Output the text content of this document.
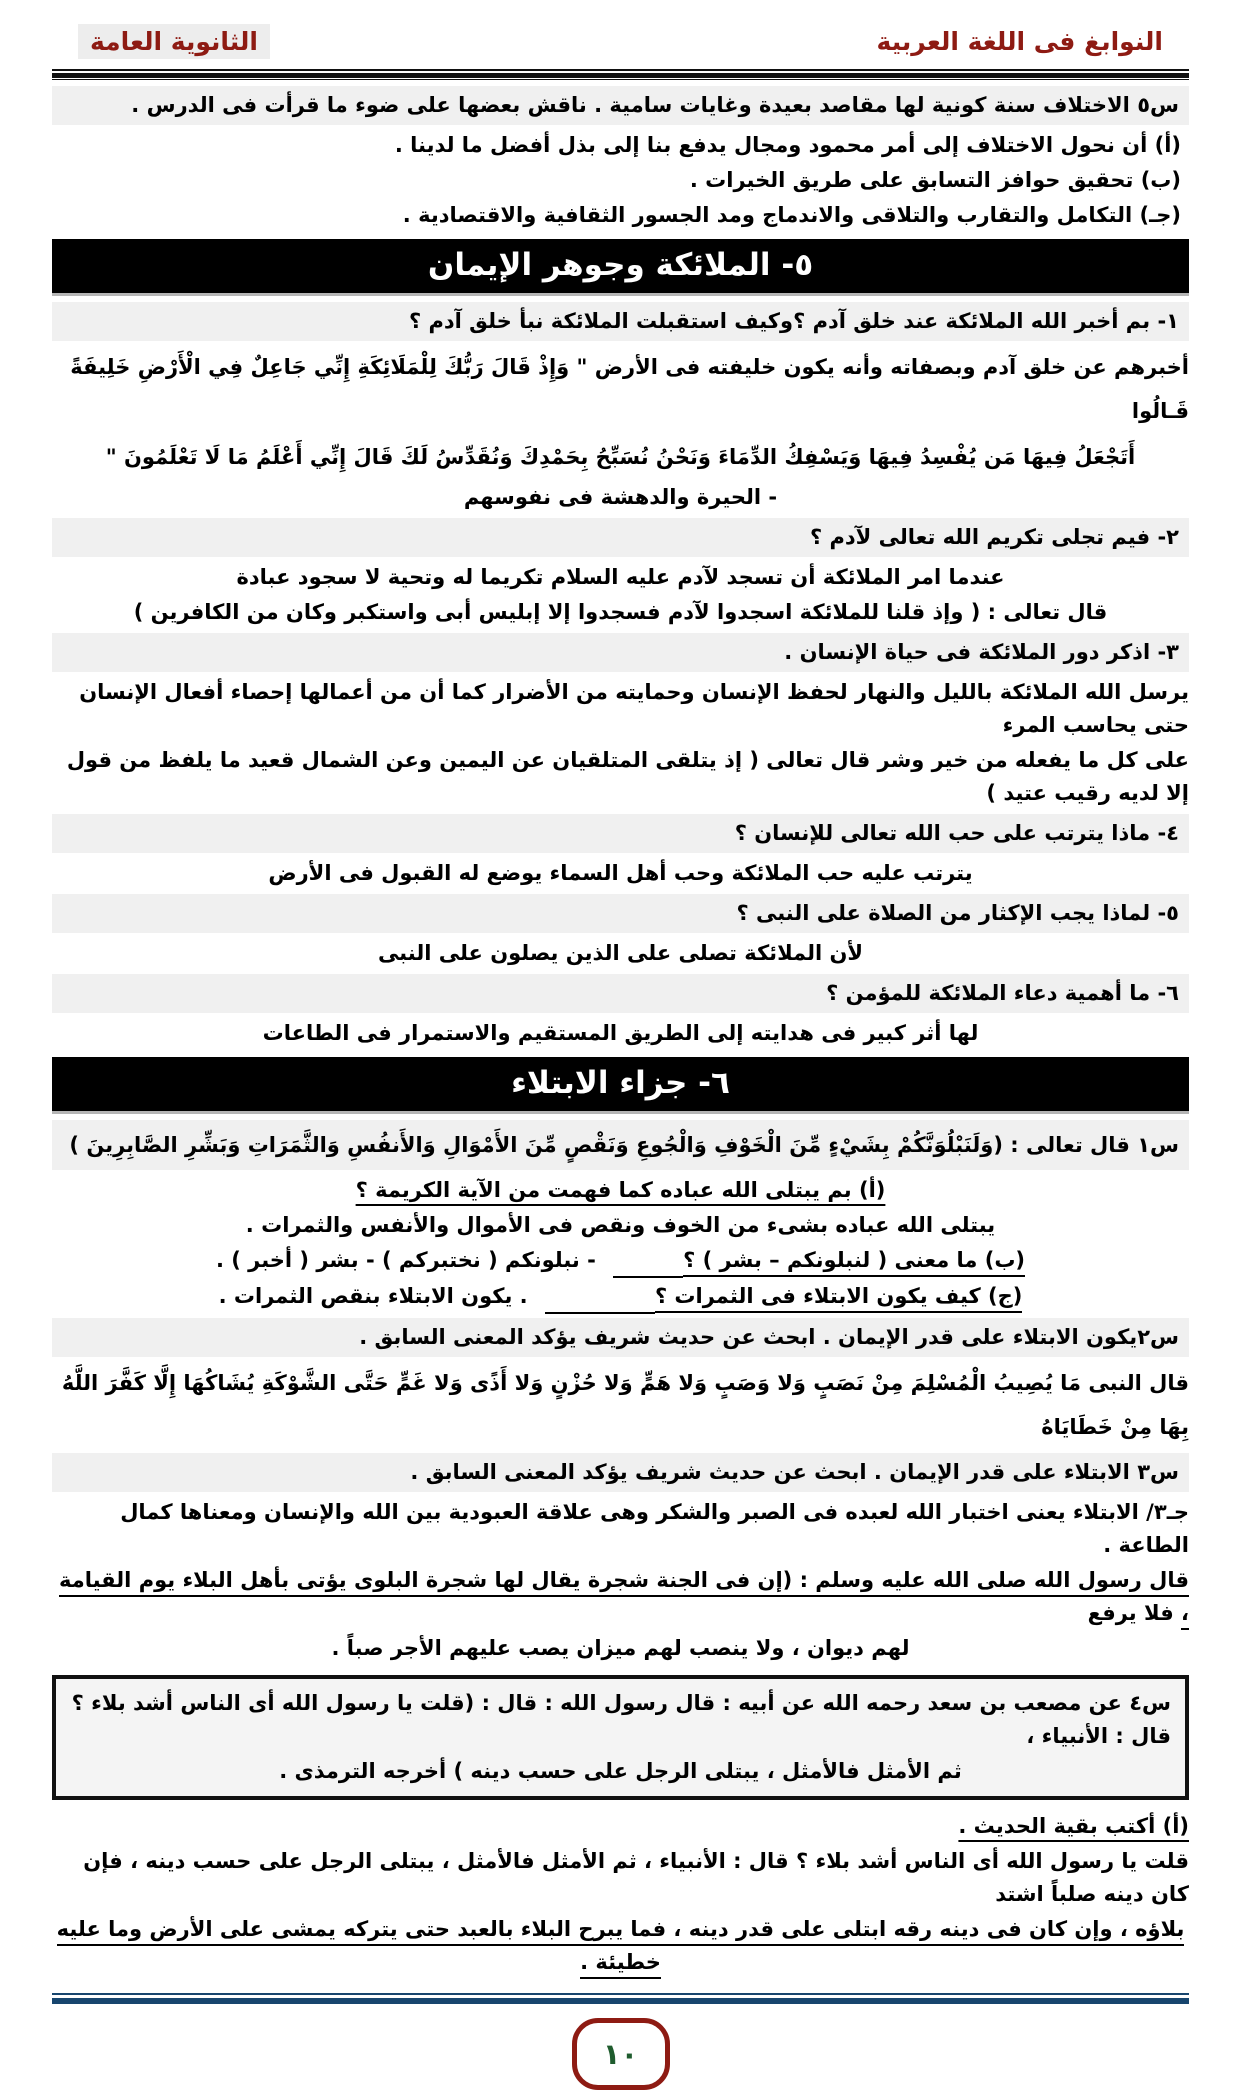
النوابغ فى اللغة العربية
الثانوية العامة
س٥ الاختلاف سنة كونية لها مقاصد بعيدة وغايات سامية . ناقش بعضها على ضوء ما قرأت فى الدرس .
(أ) أن نحول الاختلاف إلى أمر محمود ومجال يدفع بنا إلى بذل أفضل ما لدينا .
(ب) تحقيق حوافز التسابق على طريق الخيرات .
(جـ) التكامل والتقارب والتلاقى والاندماج ومد الجسور الثقافية والاقتصادية .
٥- الملائكة وجوهر الإيمان
١- بم أخبر الله الملائكة عند خلق آدم ؟وكيف استقبلت الملائكة نبأ خلق آدم ؟
أخبرهم عن خلق آدم وبصفاته وأنه يكون خليفته فى الأرض " وَإِذْ قَالَ رَبُّكَ لِلْمَلَائِكَةِ إِنِّي جَاعِلٌ فِي الْأَرْضِ خَلِيفَةً قَـالُوا
أَتَجْعَلُ فِيهَا مَن يُفْسِدُ فِيهَا وَيَسْفِكُ الدِّمَاءَ وَنَحْنُ نُسَبِّحُ بِحَمْدِكَ وَنُقَدِّسُ لَكَ قَالَ إِنِّي أَعْلَمُ مَا لَا تَعْلَمُونَ "
- الحيرة والدهشة فى نفوسهم
٢- فيم تجلى تكريم الله تعالى لآدم ؟
عندما امر الملائكة أن تسجد لآدم عليه السلام تكريما له وتحية لا سجود عبادة
قال تعالى : ( وإذ قلنا للملائكة اسجدوا لآدم فسجدوا إلا إبليس أبى واستكبر وكان من الكافرين )
٣- اذكر دور الملائكة فى حياة الإنسان .
يرسل الله الملائكة بالليل والنهار لحفظ الإنسان وحمايته من الأضرار كما أن من أعمالها إحصاء أفعال الإنسان حتى يحاسب المرء
على كل ما يفعله من خير وشر قال تعالى ( إذ يتلقى المتلقيان عن اليمين وعن الشمال قعيد ما يلفظ من قول إلا لديه رقيب عتيد )
٤- ماذا يترتب على حب الله تعالى للإنسان ؟
يترتب عليه حب الملائكة وحب أهل السماء يوضع له القبول فى الأرض
٥- لماذا يجب الإكثار من الصلاة على النبى ؟
لأن الملائكة تصلى على الذين يصلون على النبى
٦- ما أهمية دعاء الملائكة للمؤمن ؟
لها أثر كبير فى هدايته إلى الطريق المستقيم والاستمرار فى الطاعات
٦- جزاء الابتلاء
س١ قال تعالى : (وَلَنَبْلُوَنَّكُمْ بِشَيْءٍ مِّنَ الْخَوْفِ وَالْجُوعِ وَنَقْصٍ مِّنَ الأَمْوَالِ وَالأَنفُسِ وَالثَّمَرَاتِ وَبَشِّرِ الصَّابِرِينَ )
(أ) بم يبتلى الله عباده كما فهمت من الآية الكريمة ؟
يبتلى الله عباده بشىء من الخوف ونقص فى الأموال والأنفس والثمرات .
(ب) ما معنى ( لنبلونكم – بشر ) ؟ - نبلونكم ( نختبركم ) - بشر ( أخبر ) .
(ج) كيف يكون الابتلاء فى الثمرات ؟ . يكون الابتلاء بنقص الثمرات .
س٢يكون الابتلاء على قدر الإيمان . ابحث عن حديث شريف يؤكد المعنى السابق .
قال النبى مَا يُصِيبُ الْمُسْلِمَ مِنْ نَصَبٍ وَلا وَصَبٍ وَلا هَمٍّ وَلا حُزْنٍ وَلا أَذًى وَلا غَمٍّ حَتَّى الشَّوْكَةِ يُشَاكُهَا إِلَّا كَفَّرَ اللَّهُ بِهَا مِنْ خَطَايَاهُ
س٣ الابتلاء على قدر الإيمان . ابحث عن حديث شريف يؤكد المعنى السابق .
جـ٣/ الابتلاء يعنى اختبار الله لعبده فى الصبر والشكر وهى علاقة العبودية بين الله والإنسان ومعناها كمال الطاعة .
قال رسول الله صلى الله عليه وسلم : (إن فى الجنة شجرة يقال لها شجرة البلوى يؤتى بأهل البلاء يوم القيامة ، فلا يرفع
لهم ديوان ، ولا ينصب لهم ميزان يصب عليهم الأجر صباً .
س٤ عن مصعب بن سعد رحمه الله عن أبيه : قال رسول الله : قال : (قلت يا رسول الله أى الناس أشد بلاء ؟ قال : الأنبياء ،
ثم الأمثل فالأمثل ، يبتلى الرجل على حسب دينه ) أخرجه الترمذى .
(أ) أكتب بقية الحديث .
قلت يا رسول الله أى الناس أشد بلاء ؟ قال : الأنبياء ، ثم الأمثل فالأمثل ، يبتلى الرجل على حسب دينه ، فإن كان دينه صلباً اشتد
بلاؤه ، وإن كان فى دينه رقه ابتلى على قدر دينه ، فما يبرح البلاء بالعبد حتى يتركه يمشى على الأرض وما عليه خطيئة .
١٠
